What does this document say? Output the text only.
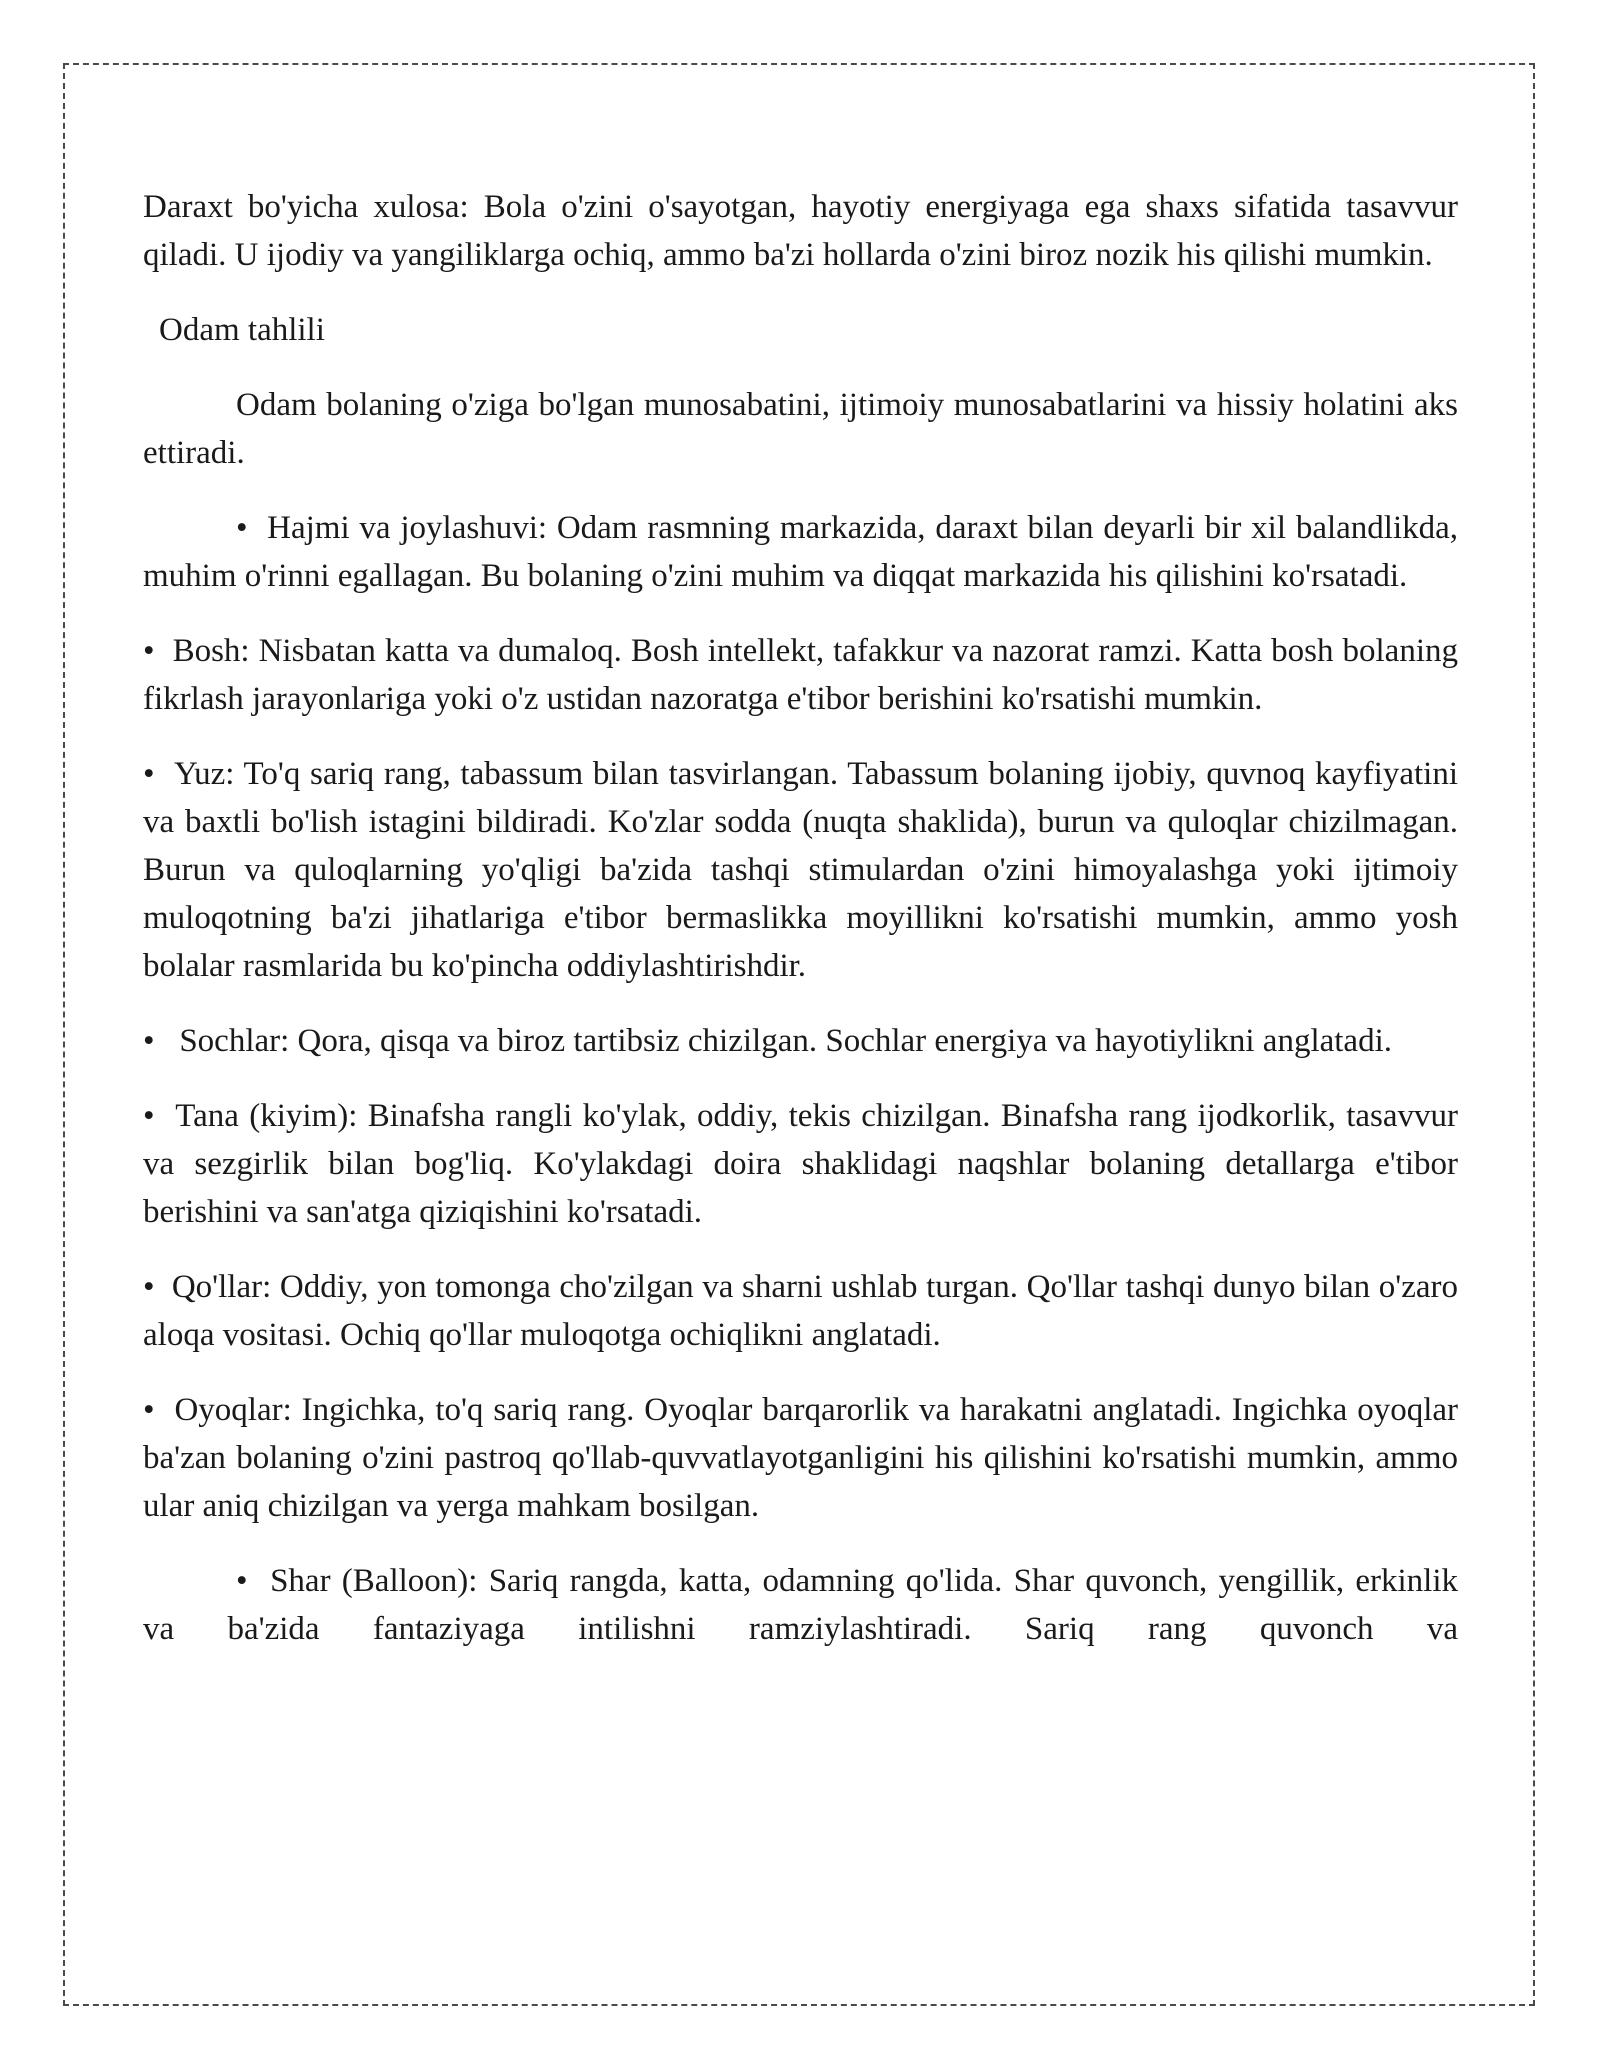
Daraxt bo'yicha xulosa: Bola o'zini o'sayotgan, hayotiy energiyaga ega shaxs sifatida tasavvur qiladi. U ijodiy va yangiliklarga ochiq, ammo ba'zi hollarda o'zini biroz nozik his qilishi mumkin.

Odam tahlili

Odam bolaning o'ziga bo'lgan munosabatini, ijtimoiy munosabatlarini va hissiy holatini aks ettiradi.

• Hajmi va joylashuvi: Odam rasmning markazida, daraxt bilan deyarli bir xil balandlikda, muhim o'rinni egallagan. Bu bolaning o'zini muhim va diqqat markazida his qilishini ko'rsatadi.

• Bosh: Nisbatan katta va dumaloq. Bosh intellekt, tafakkur va nazorat ramzi. Katta bosh bolaning fikrlash jarayonlariga yoki o'z ustidan nazoratga e'tibor berishini ko'rsatishi mumkin.

• Yuz: To'q sariq rang, tabassum bilan tasvirlangan. Tabassum bolaning ijobiy, quvnoq kayfiyatini va baxtli bo'lish istagini bildiradi. Ko'zlar sodda (nuqta shaklida), burun va quloqlar chizilmagan. Burun va quloqlarning yo'qligi ba'zida tashqi stimulardan o'zini himoyalashga yoki ijtimoiy muloqotning ba'zi jihatlariga e'tibor bermaslikka moyillikni ko'rsatishi mumkin, ammo yosh bolalar rasmlarida bu ko'pincha oddiylashtirishdir.

• Sochlar: Qora, qisqa va biroz tartibsiz chizilgan. Sochlar energiya va hayotiylikni anglatadi.

• Tana (kiyim): Binafsha rangli ko'ylak, oddiy, tekis chizilgan. Binafsha rang ijodkorlik, tasavvur va sezgirlik bilan bog'liq. Ko'ylakdagi doira shaklidagi naqshlar bolaning detallarga e'tibor berishini va san'atga qiziqishini ko'rsatadi.

• Qo'llar: Oddiy, yon tomonga cho'zilgan va sharni ushlab turgan. Qo'llar tashqi dunyo bilan o'zaro aloqa vositasi. Ochiq qo'llar muloqotga ochiqlikni anglatadi.

• Oyoqlar: Ingichka, to'q sariq rang. Oyoqlar barqarorlik va harakatni anglatadi. Ingichka oyoqlar ba'zan bolaning o'zini pastroq qo'llab-quvvatlayotganligini his qilishini ko'rsatishi mumkin, ammo ular aniq chizilgan va yerga mahkam bosilgan.

• Shar (Balloon): Sariq rangda, katta, odamning qo'lida. Shar quvonch, yengillik, erkinlik va ba'zida fantaziyaga intilishni ramziylashtiradi. Sariq rang quvonch va
